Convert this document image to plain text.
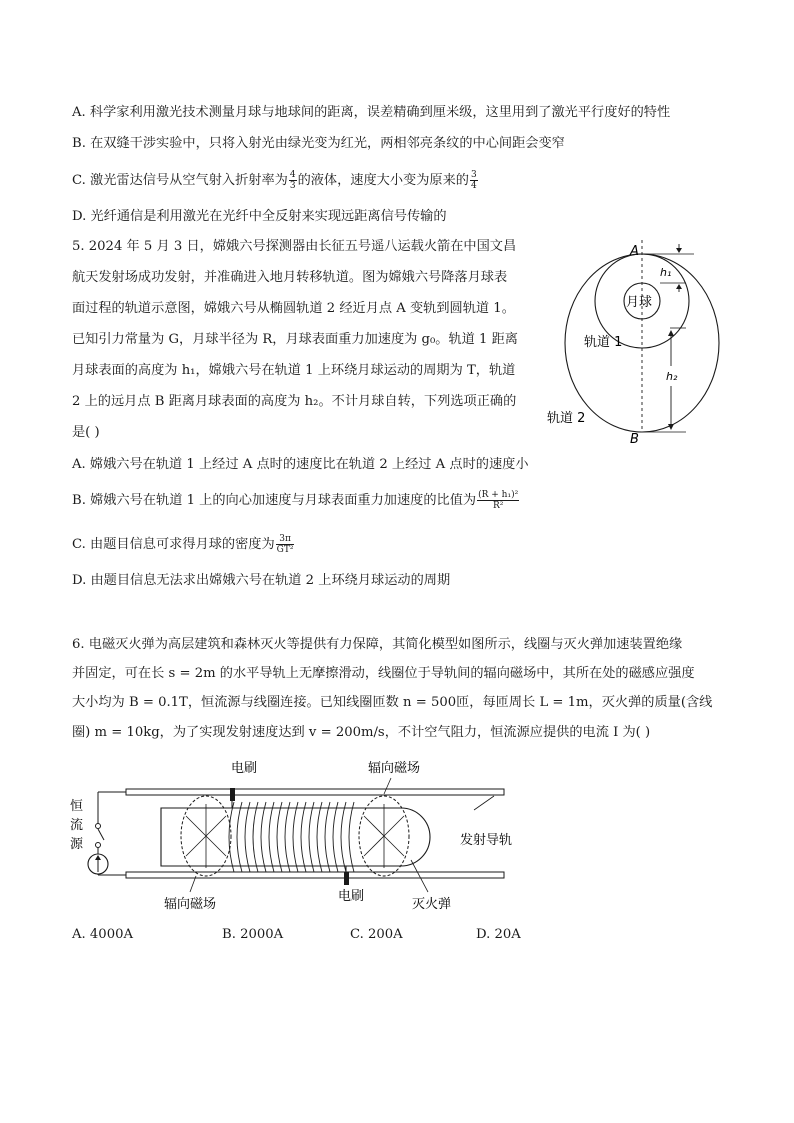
A. 科学家利用激光技术测量月球与地球间的距离，误差精确到厘米级，这里用到了激光平行度好的特性
B. 在双缝干涉实验中，只将入射光由绿光变为红光，两相邻亮条纹的中心间距会变窄
C. 激光雷达信号从空气射入折射率为 $\frac{4}{3}$ 的液体，速度大小变为原来的 $\frac{3}{4}$
D. 光纤通信是利用激光在光纤中全反射来实现远距离信号传输的
5. 2024 年 5 月 3 日，嫦娥六号探测器由长征五号遥八运载火箭在中国文昌
航天发射场成功发射，并准确进入地月转移轨道。图为嫦娥六号降落月球表
面过程的轨道示意图，嫦娥六号从椭圆轨道 2 经近月点 A 变轨到圆轨道 1。
已知引力常量为 G，月球半径为 R，月球表面重力加速度为 g₀。轨道 1 距离
月球表面的高度为 h₁，嫦娥六号在轨道 1 上环绕月球运动的周期为 T，轨道
2 上的远月点 B 距离月球表面的高度为 h₂。不计月球自转，下列选项正确的
是( )
A. 嫦娥六号在轨道 1 上经过 A 点时的速度比在轨道 2 上经过 A 点时的速度小
B. 嫦娥六号在轨道 1 上的向心加速度与月球表面重力加速度的比值为 $\frac{\text{(R + h₁)²}}{\text{R²}}$
C. 由题目信息可求得月球的密度为 $\frac{3\pi}{\text{GT²}}$
D. 由题目信息无法求出嫦娥六号在轨道 2 上环绕月球运动的周期
A
B
h₁
h₂
月球
轨道 1
轨道 2
6. 电磁灭火弹为高层建筑和森林灭火等提供有力保障，其简化模型如图所示，线圈与灭火弹加速装置绝缘
并固定，可在长 s = 2m 的水平导轨上无摩擦滑动，线圈位于导轨间的辐向磁场中，其所在处的磁感应强度
大小均为 B = 0.1T，恒流源与线圈连接。已知线圈匝数 n = 500匝，每匝周长 L = 1m，灭火弹的质量(含线
圈) m = 10kg，为了实现发射速度达到 v = 200m/s，不计空气阻力，恒流源应提供的电流 I 为( )
电刷	辐向磁场
发射导轨
辐向磁场
电刷
灭火弹
恒
流
源
A. 4000A	B. 2000A	C. 200A	D. 20A
